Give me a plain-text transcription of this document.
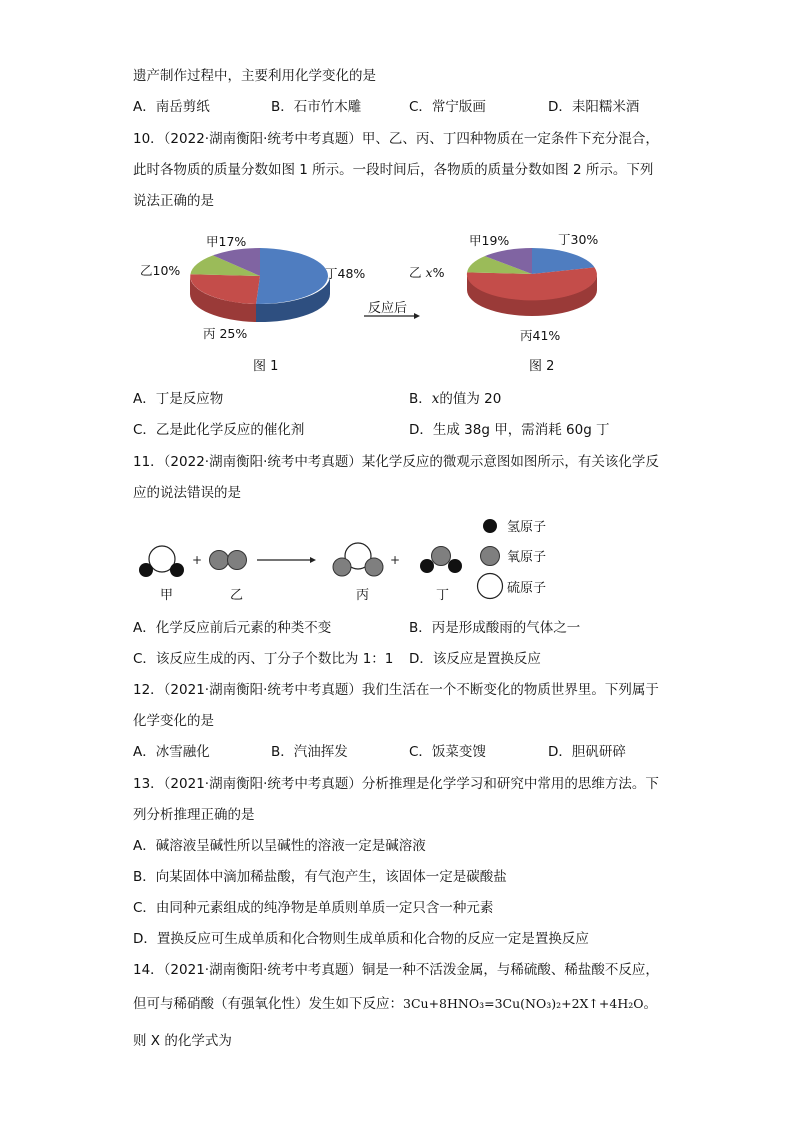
遗产制作过程中，主要利用化学变化的是
A．南岳剪纸	B．石市竹木雕	C．常宁版画	D．耒阳糯米酒
10．（2022·湖南衡阳·统考中考真题）甲、乙、丙、丁四种物质在一定条件下充分混合，
此时各物质的质量分数如图 1 所示。一段时间后，各物质的质量分数如图 2 所示。下列
说法正确的是
甲17%
乙10%	丁48%
丙 25%
图 1
反应后
甲19%
乙 x%
丁30%
丙41%
图 2
A．丁是反应物	B．x的值为 20
C．乙是此化学反应的催化剂	D．生成 38g 甲，需消耗 60g 丁
11．（2022·湖南衡阳·统考中考真题）某化学反应的微观示意图如图所示，有关该化学反
应的说法错误的是
+	+
甲	乙	丙	丁
氢原子
氧原子
硫原子
A．化学反应前后元素的种类不变	B．丙是形成酸雨的气体之一
C．该反应生成的丙、丁分子个数比为 1：1 D．该反应是置换反应
12．（2021·湖南衡阳·统考中考真题）我们生活在一个不断变化的物质世界里。下列属于
化学变化的是
A．冰雪融化	B．汽油挥发	C．饭菜变馊	D．胆矾研碎
13．（2021·湖南衡阳·统考中考真题）分析推理是化学学习和研究中常用的思维方法。下
列分析推理正确的是
A．碱溶液呈碱性所以呈碱性的溶液一定是碱溶液
B．向某固体中滴加稀盐酸，有气泡产生，该固体一定是碳酸盐
C．由同种元素组成的纯净物是单质则单质一定只含一种元素
D．置换反应可生成单质和化合物则生成单质和化合物的反应一定是置换反应
14．（2021·湖南衡阳·统考中考真题）铜是一种不活泼金属，与稀硫酸、稀盐酸不反应，
但可与稀硝酸（有强氧化性）发生如下反应：3Cu+8HNO₃=3Cu(NO₃)₂+2X↑+4H₂O。
则 X 的化学式为
